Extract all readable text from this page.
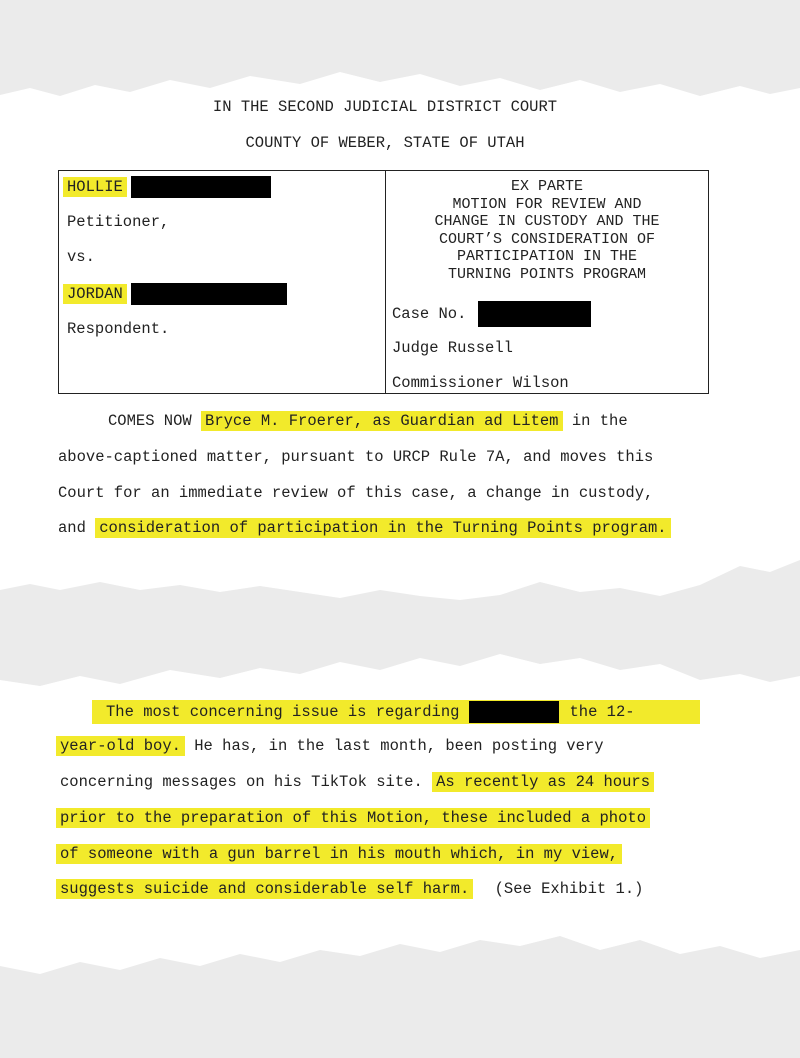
IN THE SECOND JUDICIAL DISTRICT COURT
COUNTY OF WEBER, STATE OF UTAH
HOLLIE
Petitioner,
vs.
JORDAN
Respondent.
EX PARTE
MOTION FOR REVIEW AND
CHANGE IN CUSTODY AND THE
COURT’S CONSIDERATION OF
PARTICIPATION IN THE
TURNING POINTS PROGRAM
Case No.
Judge Russell
Commissioner Wilson
COMES NOW Bryce M. Froerer, as Guardian ad Litem in the
above-captioned matter, pursuant to URCP Rule 7A, and moves this
Court for an immediate review of this case, a change in custody,
and consideration of participation in the Turning Points program.
The most concerning issue is regarding	the 12-
year-old boy. He has, in the last month, been posting very
concerning messages on his TikTok site. As recently as 24 hours
prior to the preparation of this Motion, these included a photo
of someone with a gun barrel in his mouth which, in my view,
suggests suicide and considerable self harm. (See Exhibit 1.)
